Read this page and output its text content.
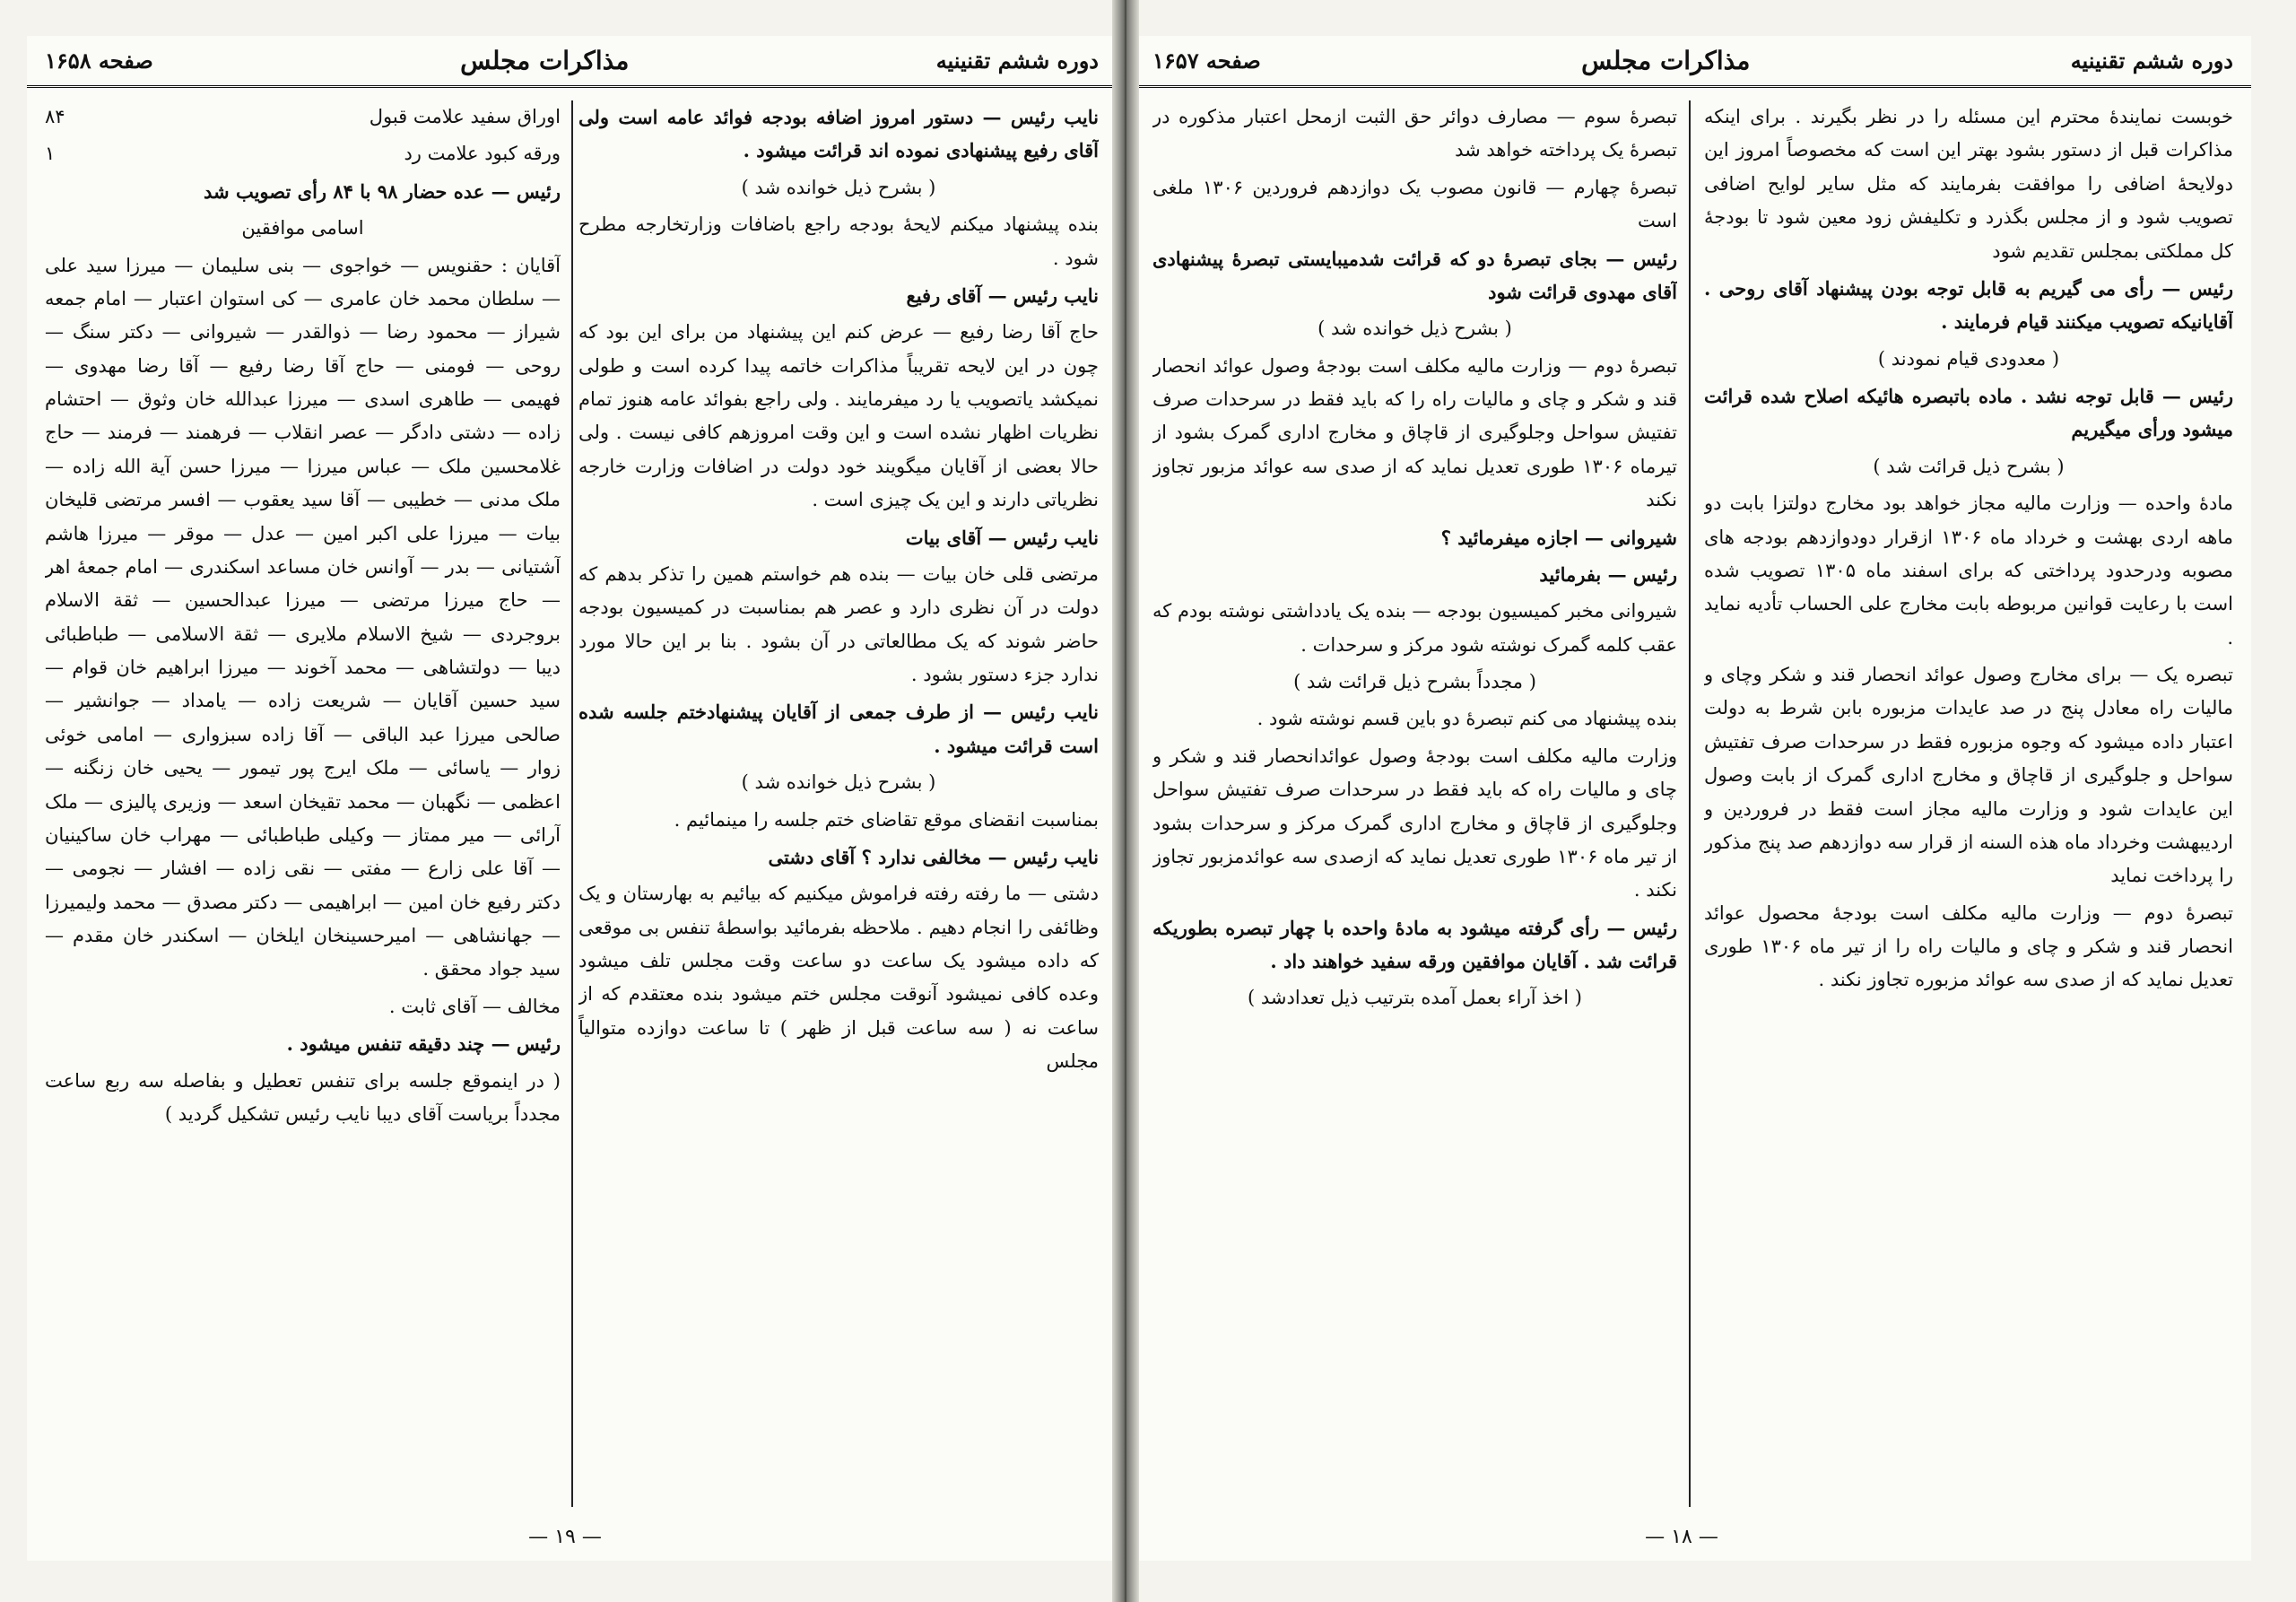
دوره ششم تقنینیه
مذاکرات مجلس
صفحه ۱۶۵۸

نایب رئیس — دستور امروز اضافه بودجه فوائد عامه است ولی آقای رفیع پیشنهادی نموده اند قرائت میشود .

( بشرح ذیل خوانده شد )

بنده پیشنهاد میکنم لایحهٔ بودجه راجع باضافات وزارتخارجه مطرح شود .

نایب رئیس — آقای رفیع

حاج آقا رضا رفیع — عرض کنم این پیشنهاد من برای این بود که چون در این لایحه تقریباً مذاکرات خاتمه پیدا کرده است و طولی نمیکشد یاتصویب یا رد میفرمایند . ولی راجع بفوائد عامه هنوز تمام نظریات اظهار نشده است و این وقت امروزهم کافی نیست . ولی حالا بعضی از آقایان میگویند خود دولت در اضافات وزارت خارجه نظریاتی دارند و این یک چیزی است .

نایب رئیس — آقای بیات

مرتضی قلی خان بیات — بنده هم خواستم همین را تذکر بدهم که دولت در آن نظری دارد و عصر هم بمناسبت در کمیسیون بودجه حاضر شوند که یک مطالعاتی در آن بشود . بنا بر این حالا مورد ندارد جزء دستور بشود .

نایب رئیس — از طرف جمعی از آقایان پیشنهادختم جلسه شده است قرائت میشود .

( بشرح ذیل خوانده شد )

بمناسبت انقضای موقع تقاضای ختم جلسه را مینمائیم .

نایب رئیس — مخالفی ندارد ؟ آقای دشتی

دشتی — ما رفته رفته فراموش میکنیم که بیائیم به بهارستان و یک وظائفی را انجام دهیم . ملاحظه بفرمائید بواسطهٔ تنفس بی موقعی که داده میشود یک ساعت دو ساعت وقت مجلس تلف میشود وعده کافی نمیشود آنوقت مجلس ختم میشود بنده معتقدم که از ساعت نه ( سه ساعت قبل از ظهر ) تا ساعت دوازده متوالیاً مجلس

اوراق سفید علامت قبول
۸۴

ورقه کبود علامت رد
۱

رئیس — عده حضار ۹۸ با ۸۴ رأی تصویب شد

اسامی موافقین

آقایان : حقنویس — خواجوی — بنی سلیمان — میرزا سید علی — سلطان محمد خان عامری — کی استوان اعتبار — امام جمعه شیراز — محمود رضا — ذوالقدر — شیروانی — دکتر سنگ — روحی — فومنی — حاج آقا رضا رفیع — آقا رضا مهدوی — فهیمی — طاهری اسدی — میرزا عبدالله خان وثوق — احتشام زاده — دشتی دادگر — عصر انقلاب — فرهمند — فرمند — حاج غلامحسین ملک — عباس میرزا — میرزا حسن آیة الله زاده — ملک مدنی — خطیبی — آقا سید یعقوب — افسر مرتضی قلیخان بیات — میرزا علی اکبر امین — عدل — موقر — میرزا هاشم آشتیانی — بدر — آوانس خان مساعد اسکندری — امام جمعهٔ اهر — حاج میرزا مرتضی — میرزا عبدالحسین — ثقة الاسلام بروجردی — شیخ الاسلام ملایری — ثقة الاسلامی — طباطبائی دیبا — دولتشاهی — محمد آخوند — میرزا ابراهیم خان قوام — سید حسین آقایان — شریعت زاده — یامداد — جوانشیر — صالحی میرزا عبد الباقی — آقا زاده سبزواری — امامی خوئی زوار — یاسائی — ملک ایرج پور تیمور — یحیی خان زنگنه — اعظمی — نگهبان — محمد تقیخان اسعد — وزیری پالیزی — ملک آرائی — میر ممتاز — وکیلی طباطبائی — مهراب خان ساکینیان — آقا علی زارع — مفتی — نقی زاده — افشار — نجومی — دکتر رفیع خان امین — ابراهیمی — دکتر مصدق — محمد ولیمیرزا — جهانشاهی — امیرحسینخان ایلخان — اسکندر خان مقدم — سید جواد محقق .

مخالف — آقای ثابت .

رئیس — چند دقیقه تنفس میشود .

( در اینموقع جلسه برای تنفس تعطیل و بفاصله سه ربع ساعت مجدداً بریاست آقای دیبا نایب رئیس تشکیل گردید )

— ۱۹ —
دوره ششم تقنینیه
مذاکرات مجلس
صفحه ۱۶۵۷

خوبست نمایندهٔ محترم این مسئله را در نظر بگیرند . برای اینکه مذاکرات قبل از دستور بشود بهتر این است که مخصوصاً امروز این دولایحهٔ اضافی را موافقت بفرمایند که مثل سایر لوایح اضافی تصویب شود و از مجلس بگذرد و تکلیفش زود معین شود تا بودجهٔ کل مملکتی بمجلس تقدیم شود

رئیس — رأی می گیریم به قابل توجه بودن پیشنهاد آقای روحی . آقایانیکه تصویب میکنند قیام فرمایند .

( معدودی قیام نمودند )

رئیس — قابل توجه نشد . ماده باتبصره هائیکه اصلاح شده قرائت میشود ورأی میگیریم

( بشرح ذیل قرائت شد )

مادهٔ واحده — وزارت مالیه مجاز خواهد بود مخارج دولتزا بابت دو ماهه اردی بهشت و خرداد ماه ۱۳۰۶ ازقرار دودوازدهم بودجه های مصوبه ودرحدود پرداختی که برای اسفند ماه ۱۳۰۵ تصویب شده است با رعایت قوانین مربوطه بابت مخارج علی الحساب تأدیه نماید .

تبصره یک — برای مخارج وصول عوائد انحصار قند و شکر وچای و مالیات راه معادل پنج در صد عایدات مزبوره بابن شرط به دولت اعتبار داده میشود که وجوه مزبوره فقط در سرحدات صرف تفتیش سواحل و جلوگیری از قاچاق و مخارج اداری گمرک از بابت وصول این عایدات شود و وزارت مالیه مجاز است فقط در فروردین و اردیبهشت وخرداد ماه هذه السنه از قرار سه دوازدهم صد پنج مذکور را پرداخت نماید

تبصرهٔ دوم — وزارت مالیه مکلف است بودجهٔ محصول عوائد انحصار قند و شکر و چای و مالیات راه را از تیر ماه ۱۳۰۶ طوری تعدیل نماید که از صدی سه عوائد مزبوره تجاوز نکند .

تبصرهٔ سوم — مصارف دوائر حق الثبت ازمحل اعتبار مذکوره در تبصرهٔ یک پرداخته خواهد شد

تبصرهٔ چهارم — قانون مصوب یک دوازدهم فروردین ۱۳۰۶ ملغی است

رئیس — بجای تبصرهٔ دو که قرائت شدمیبایستی تبصرهٔ پیشنهادی آقای مهدوی قرائت شود

( بشرح ذیل خوانده شد )

تبصرهٔ دوم — وزارت مالیه مکلف است بودجهٔ وصول عوائد انحصار قند و شکر و چای و مالیات راه را که باید فقط در سرحدات صرف تفتیش سواحل وجلوگیری از قاچاق و مخارج اداری گمرک بشود از تیرماه ۱۳۰۶ طوری تعدیل نماید که از صدی سه عوائد مزبور تجاوز نکند

شیروانی — اجازه میفرمائید ؟

رئیس — بفرمائید

شیروانی مخبر کمیسیون بودجه — بنده یک یادداشتی نوشته بودم که عقب کلمه گمرک نوشته شود مرکز و سرحدات .

( مجدداً بشرح ذیل قرائت شد )

بنده پیشنهاد می کنم تبصرهٔ دو باین قسم نوشته شود .

وزارت مالیه مکلف است بودجهٔ وصول عوائدانحصار قند و شکر و چای و مالیات راه که باید فقط در سرحدات صرف تفتیش سواحل وجلوگیری از قاچاق و مخارج اداری گمرک مرکز و سرحدات بشود از تیر ماه ۱۳۰۶ طوری تعدیل نماید که ازصدی سه عوائدمزبور تجاوز نکند .

رئیس — رأی گرفته میشود به مادهٔ واحده با چهار تبصره بطوریکه قرائت شد . آقایان موافقین ورقه سفید خواهند داد .

( اخذ آراء بعمل آمده بترتیب ذیل تعدادشد )

— ۱۸ —
